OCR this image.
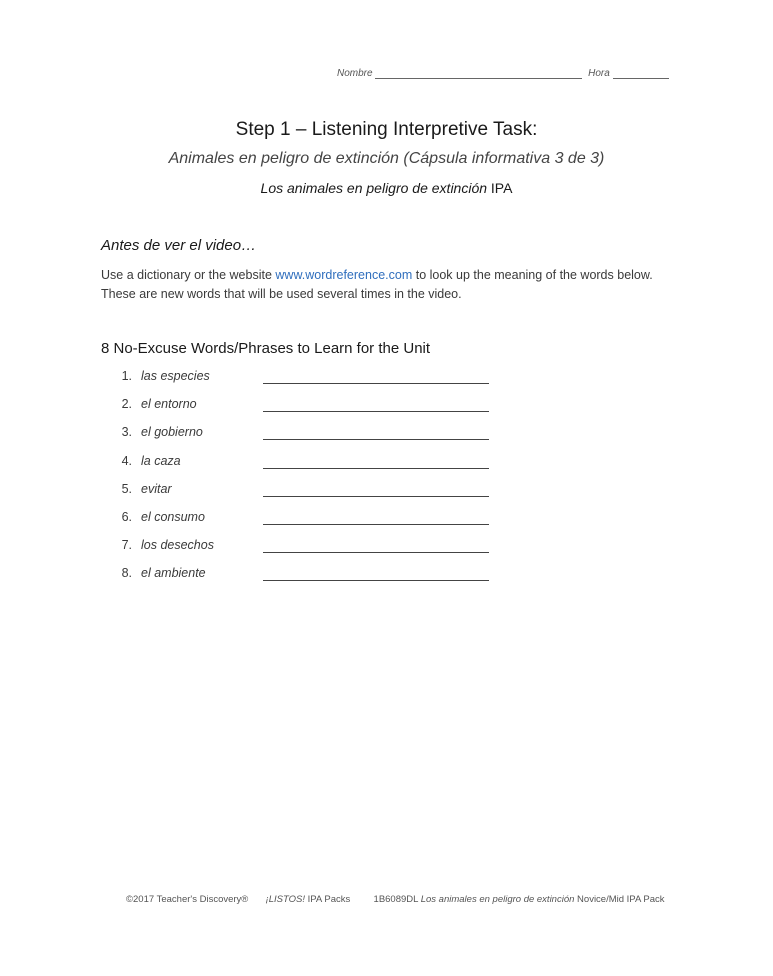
Nombre	Hora
Step 1 – Listening Interpretive Task:
Animales en peligro de extinción (Cápsula informativa 3 de 3)
Los animales en peligro de extinción IPA
Antes de ver el video…
Use a dictionary or the website www.wordreference.com to look up the meaning of the words below. These are new words that will be used several times in the video.
8 No-Excuse Words/Phrases to Learn for the Unit
1. las especies
2. el entorno
3. el gobierno
4. la caza
5. evitar
6. el consumo
7. los desechos
8. el ambiente
©2017 Teacher's Discovery® ¡LISTOS! IPA Packs 1B6089DL Los animales en peligro de extinción Novice/Mid IPA Pack
